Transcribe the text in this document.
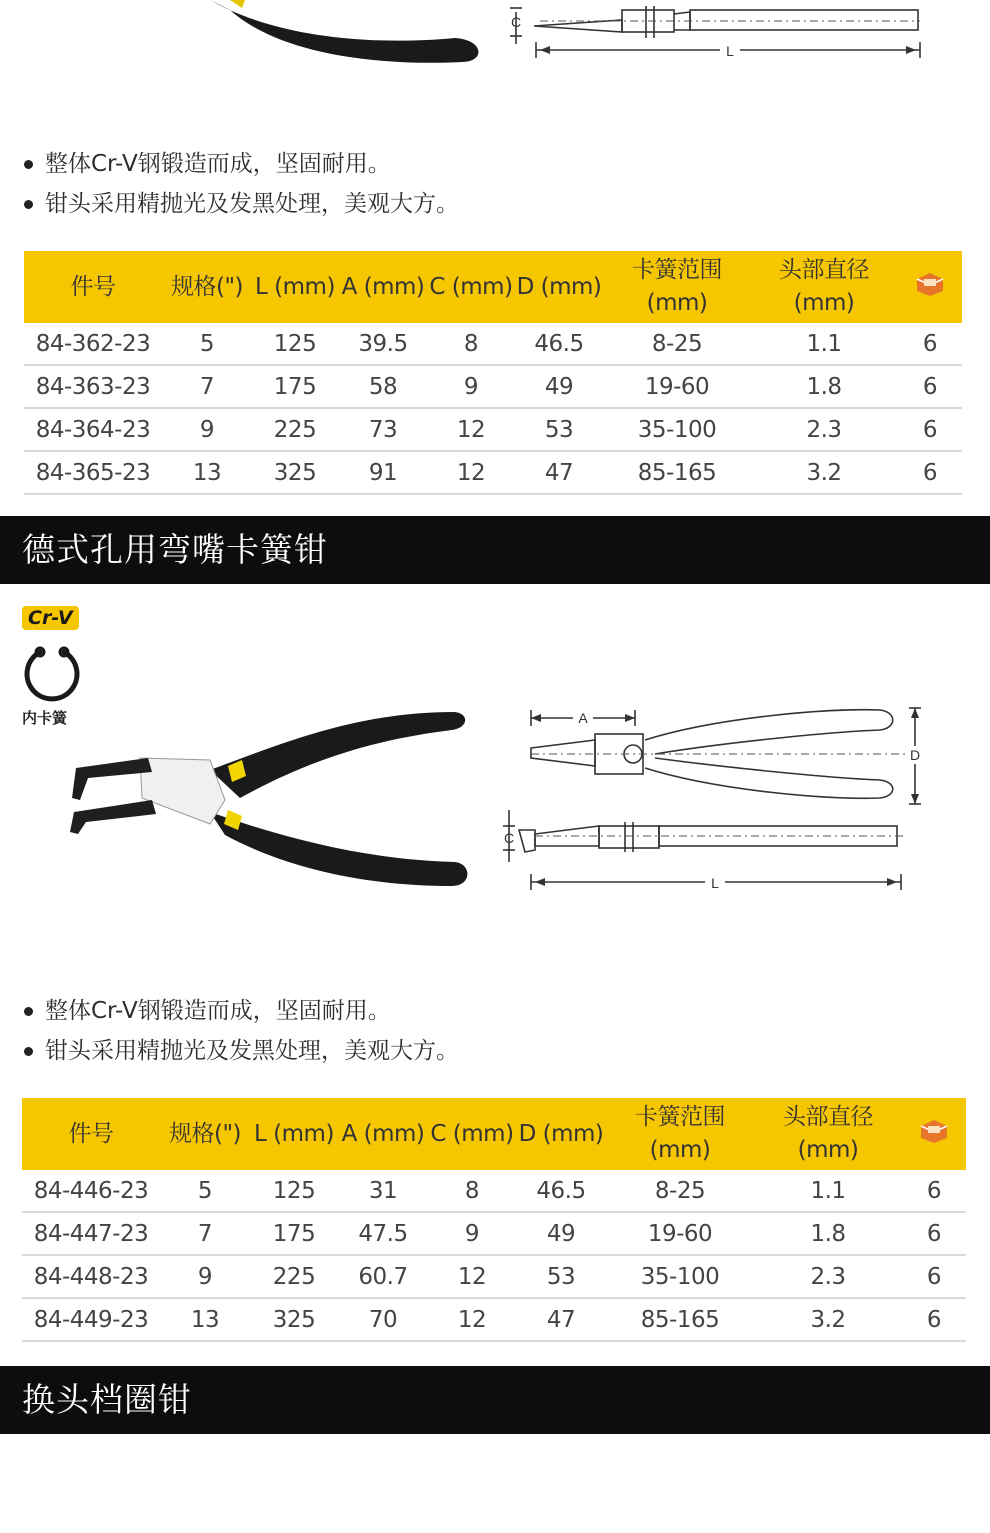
L
C
整体Cr-V钢锻造而成，坚固耐用。
钳头采用精抛光及发黑处理，美观大方。
件号	规格(")	L (mm)	A (mm)	C (mm)	D (mm)	卡簧范围
(mm)	头部直径
(mm)	
84-362-23	5	125	39.5	8	46.5	8-25	1.1	6
84-363-23	7	175	58	9	49	19-60	1.8	6
84-364-23	9	225	73	12	53	35-100	2.3	6
84-365-23	13	325	91	12	47	85-165	3.2	6
德式孔用弯嘴卡簧钳
Cr-V
内卡簧	A
D
C
L
整体Cr-V钢锻造而成，坚固耐用。
钳头采用精抛光及发黑处理，美观大方。
件号	规格(")	L (mm)	A (mm)	C (mm)	D (mm)	卡簧范围
(mm)	头部直径
(mm)	
84-446-23	5	125	31	8	46.5	8-25	1.1	6
84-447-23	7	175	47.5	9	49	19-60	1.8	6
84-448-23	9	225	60.7	12	53	35-100	2.3	6
84-449-23	13	325	70	12	47	85-165	3.2	6
换头档圈钳
